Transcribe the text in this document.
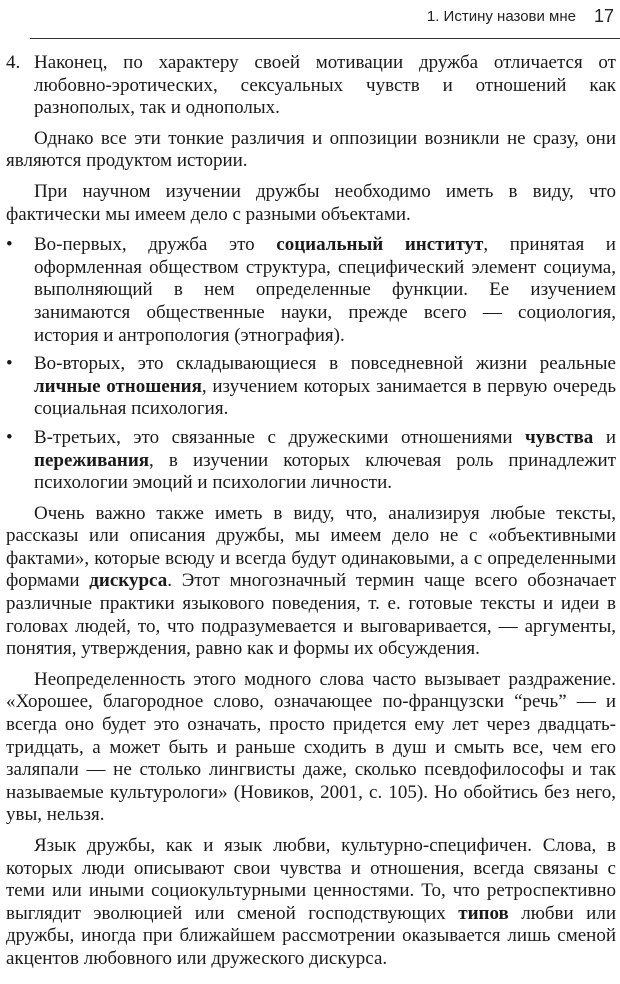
1. Истину назови мне 17

4. Наконец, по характеру своей мотивации дружба отличается от любовно-эротических, сексуальных чувств и отношений как разнополых, так и однополых.

Однако все эти тонкие различия и оппозиции возникли не сразу, они являются продуктом истории.

При научном изучении дружбы необходимо иметь в виду, что фактически мы имеем дело с разными объектами.

•	Во-первых, дружба это социальный институт, принятая и оформленная обществом структура, специфический элемент социума, выполняющий в нем определенные функции. Ее изучением занимаются общественные науки, прежде всего — социология, история и антропология (этнография).
•	Во-вторых, это складывающиеся в повседневной жизни реальные личные отношения, изучением которых занимается в первую очередь социальная психология.
•	В-третьих, это связанные с дружескими отношениями чувства и переживания, в изучении которых ключевая роль принадлежит психологии эмоций и психологии личности.

Очень важно также иметь в виду, что, анализируя любые тексты, рассказы или описания дружбы, мы имеем дело не с «объективными фактами», которые всюду и всегда будут одинаковыми, а с определенными формами дискурса. Этот многозначный термин чаще всего обозначает различные практики языкового поведения, т. е. готовые тексты и идеи в головах людей, то, что подразумевается и выговаривается, — аргументы, понятия, утверждения, равно как и формы их обсуждения.

Неопределенность этого модного слова часто вызывает раздражение. «Хорошее, благородное слово, означающее по-французски “речь” — и всегда оно будет это означать, просто придется ему лет через двадцать-тридцать, а может быть и раньше сходить в душ и смыть все, чем его заляпали — не столько лингвисты даже, сколько псевдофилософы и так называемые культурологи» (Новиков, 2001, с. 105). Но обойтись без него, увы, нельзя.

Язык дружбы, как и язык любви, культурно-специфичен. Слова, в которых люди описывают свои чувства и отношения, всегда связаны с теми или иными социокультурными ценностями. То, что ретроспективно выглядит эволюцией или сменой господствующих типов любви или дружбы, иногда при ближайшем рассмотрении оказывается лишь сменой акцентов любовного или дружеского дискурса.
